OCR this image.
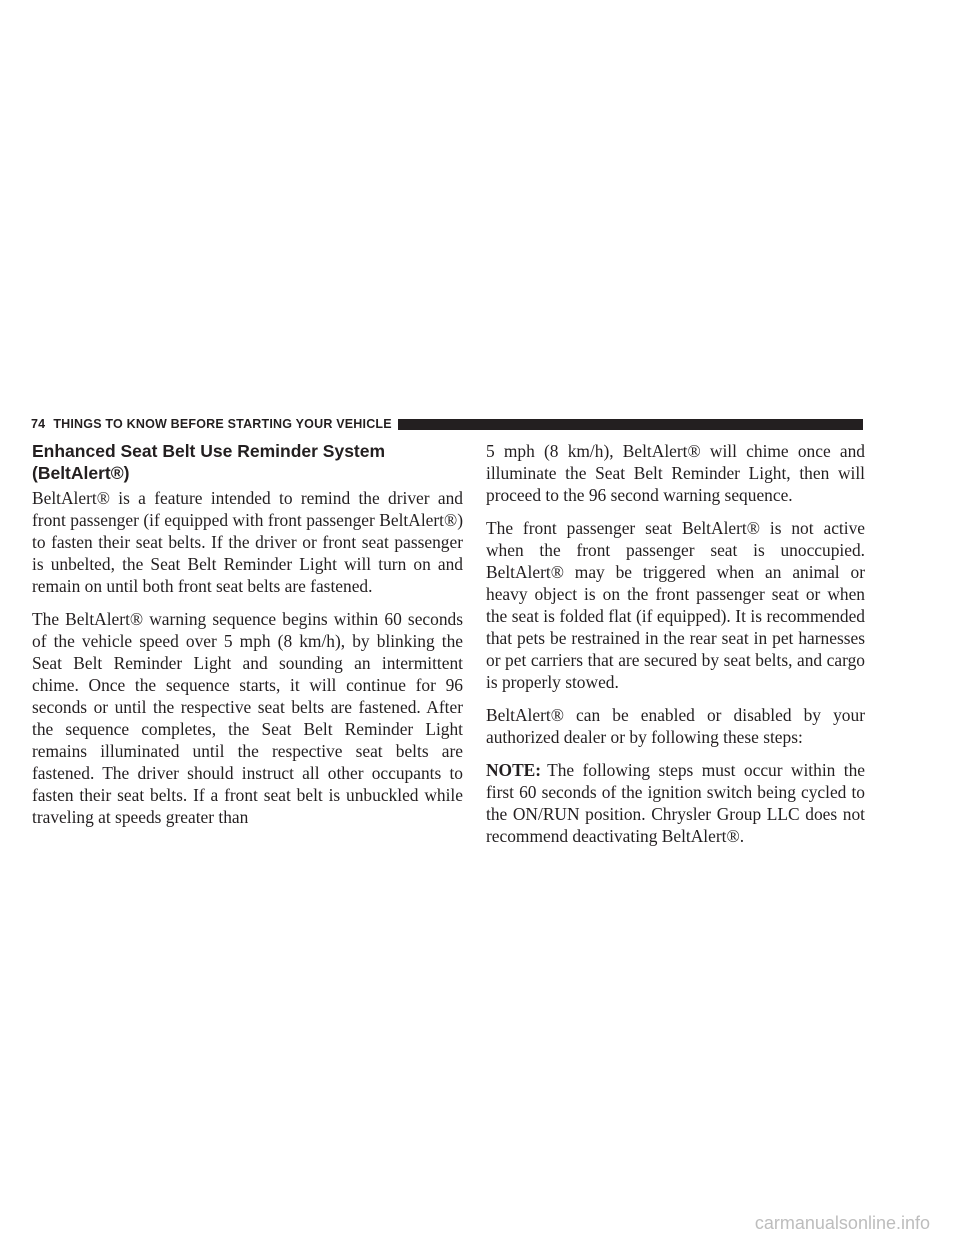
74 THINGS TO KNOW BEFORE STARTING YOUR VEHICLE
Enhanced Seat Belt Use Reminder System
(BeltAlert®)

BeltAlert® is a feature intended to remind the driver and front passenger (if equipped with front passenger BeltAlert®) to fasten their seat belts. If the driver or front seat passenger is unbelted, the Seat Belt Reminder Light will turn on and remain on until both front seat belts are fastened.

The BeltAlert® warning sequence begins within 60 seconds of the vehicle speed over 5 mph (8 km/h), by blinking the Seat Belt Reminder Light and sounding an intermittent chime. Once the sequence starts, it will continue for 96 seconds or until the respective seat belts are fastened. After the sequence completes, the Seat Belt Reminder Light remains illuminated until the respective seat belts are fastened. The driver should instruct all other occupants to fasten their seat belts. If a front seat belt is unbuckled while traveling at speeds greater than

5 mph (8 km/h), BeltAlert® will chime once and illuminate the Seat Belt Reminder Light, then will proceed to the 96 second warning sequence.

The front passenger seat BeltAlert® is not active when the front passenger seat is unoccupied. BeltAlert® may be triggered when an animal or heavy object is on the front passenger seat or when the seat is folded flat (if equipped). It is recommended that pets be restrained in the rear seat in pet harnesses or pet carriers that are secured by seat belts, and cargo is properly stowed.

BeltAlert® can be enabled or disabled by your authorized dealer or by following these steps:

NOTE: The following steps must occur within the first 60 seconds of the ignition switch being cycled to the ON/RUN position. Chrysler Group LLC does not recommend deactivating BeltAlert®.

carmanualsonline.info
